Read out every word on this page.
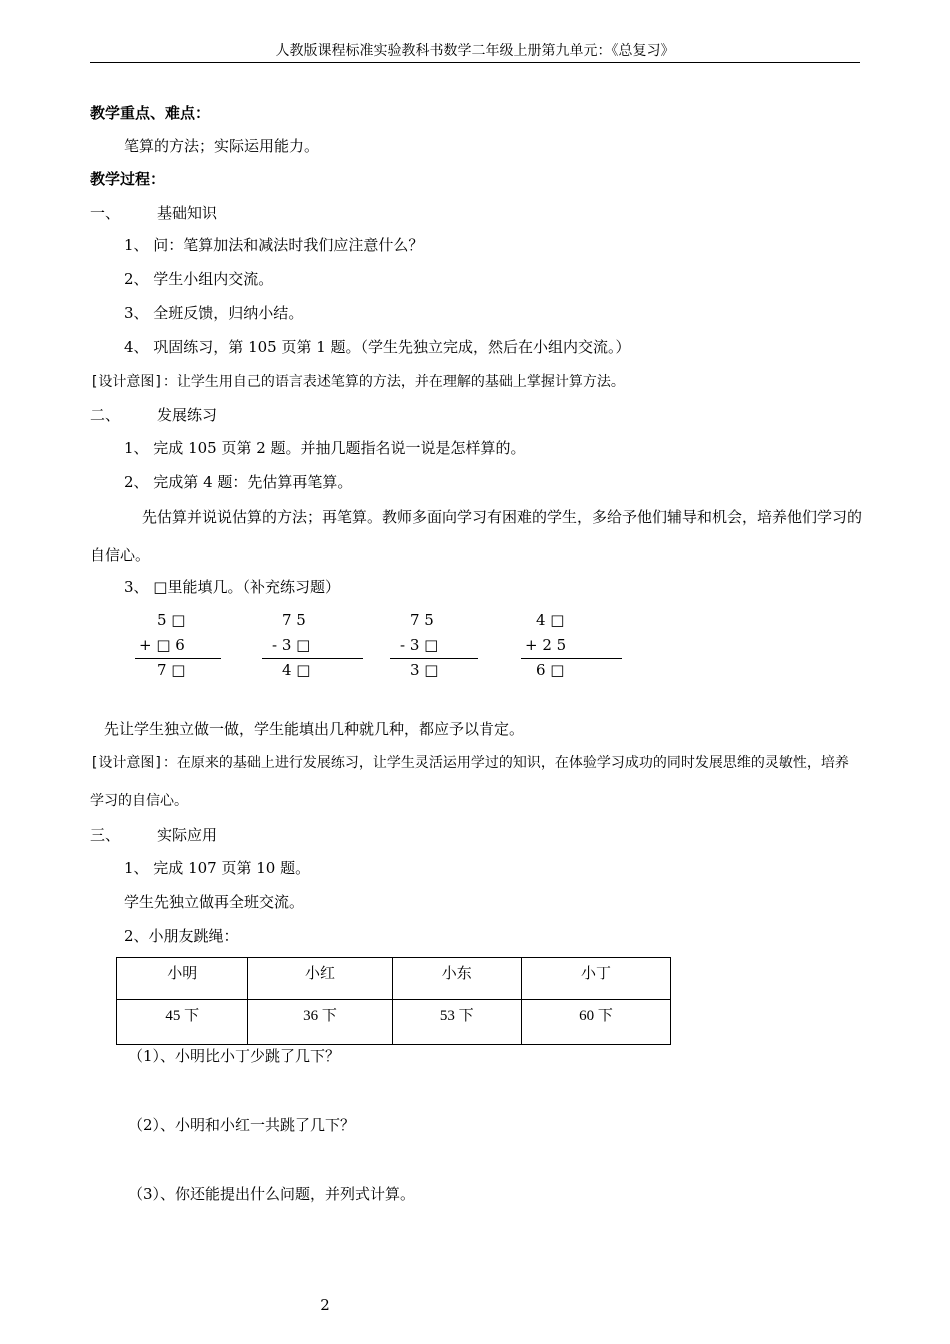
人教版课程标准实验教科书数学二年级上册第九单元：《总复习》
教学重点、难点：
笔算的方法；实际运用能力。
教学过程：
一、 基础知识
1、 问：笔算加法和减法时我们应注意什么？
2、 学生小组内交流。
3、 全班反馈，归纳小结。
4、 巩固练习，第 105 页第 1 题。（学生先独立完成，然后在小组内交流。）
[设计意图]：让学生用自己的语言表述笔算的方法，并在理解的基础上掌握计算方法。
二、 发展练习
1、 完成 105 页第 2 题。并抽几题指名说一说是怎样算的。
2、 完成第 4 题：先估算再笔算。
先估算并说说估算的方法；再笔算。教师多面向学习有困难的学生，多给予他们辅导和机会，培养他们学习的自信心。
3、 □里能填几。（补充练习题）
5 □
+ □ 6
7 □
7 5
- 3 □
4 □
7 5
- 3 □
3 □
4 □
+ 2 5
6 □
先让学生独立做一做，学生能填出几种就几种，都应予以肯定。
[设计意图]：在原来的基础上进行发展练习，让学生灵活运用学过的知识，在体验学习成功的同时发展思维的灵敏性，培养学习的自信心。
三、 实际应用
1、 完成 107 页第 10 题。
学生先独立做再全班交流。
2、小朋友跳绳：
小明	小红	小东	小丁
45 下	36 下	53 下	60 下
（1）、小明比小丁少跳了几下？
（2）、小明和小红一共跳了几下？
（3）、你还能提出什么问题，并列式计算。
2
